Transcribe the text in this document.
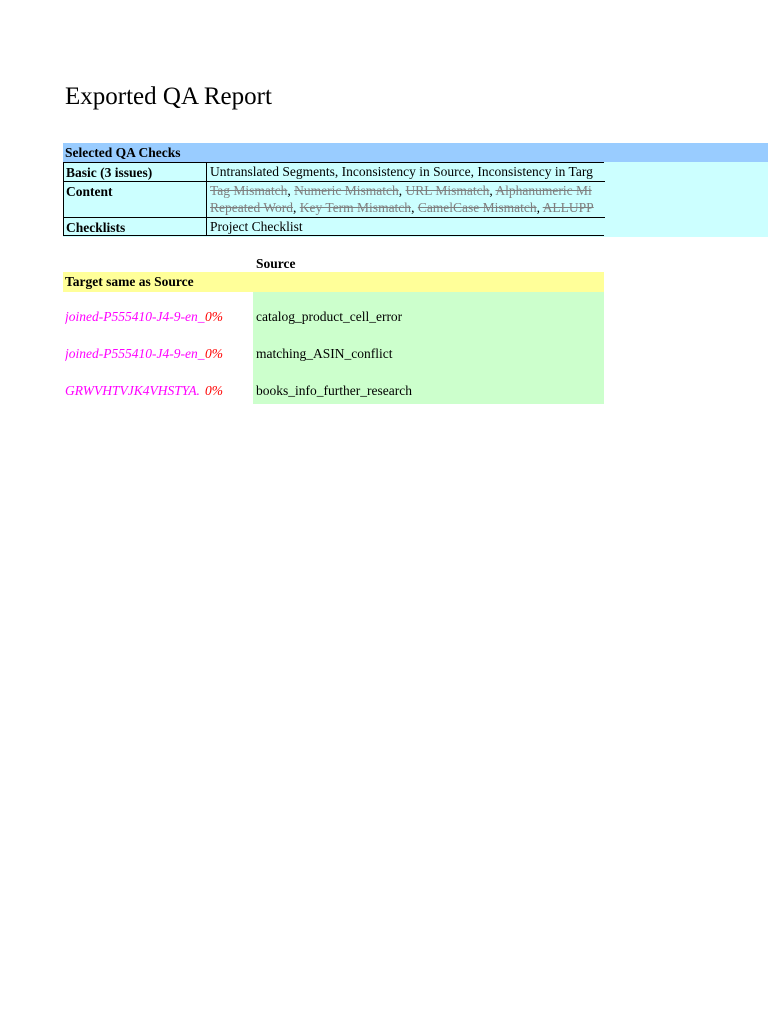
Exported QA Report
Selected QA Checks
Basic (3 issues)	Untranslated Segments, Inconsistency in Source, Inconsistency in Targ
Content	Tag Mismatch, Numeric Mismatch, URL Mismatch, Alphanumeric Mi
Repeated Word, Key Term Mismatch, CamelCase Mismatch, ALLUPP
Checklists	Project Checklist
Source
Target same as Source
joined-P555410-J4-9-en_ 0% catalog_product_cell_error
joined-P555410-J4-9-en_ 0% matching_ASIN_conflict
GRWVHTVJK4VHSTYA. 0% books_info_further_research
